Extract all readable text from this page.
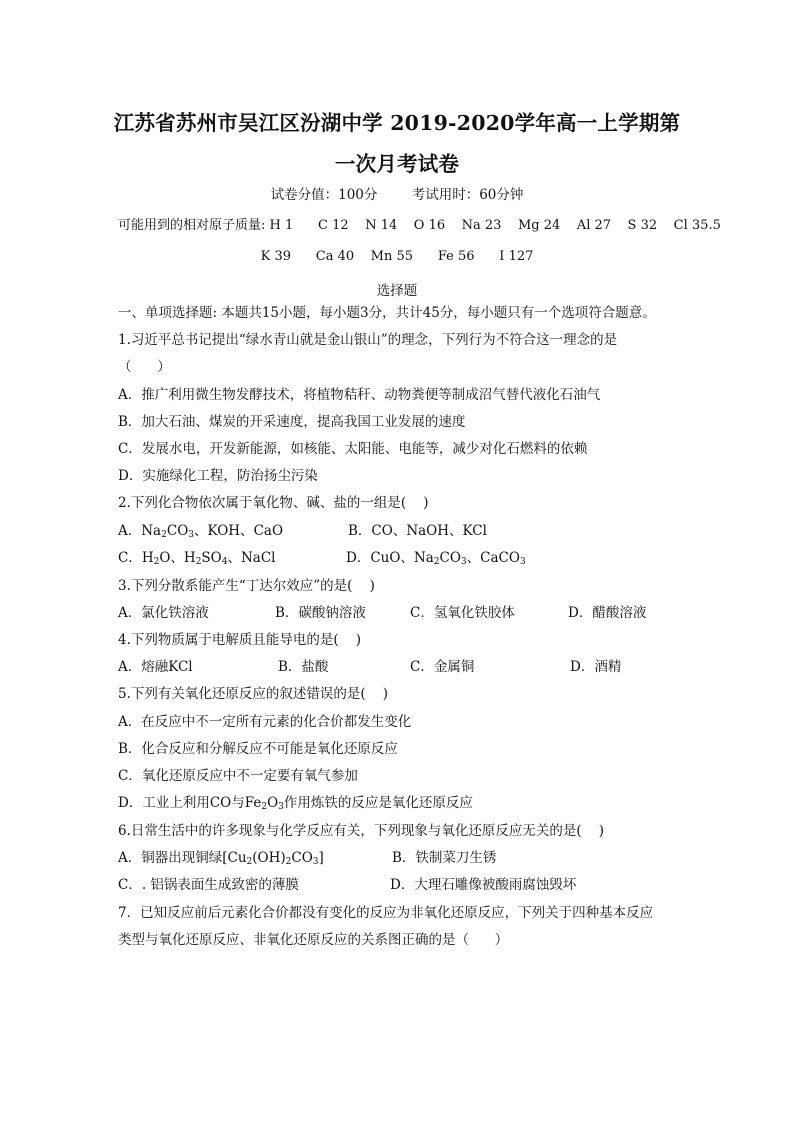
江苏省苏州市吴江区汾湖中学 2019-2020学年高一上学期第
一次月考试卷
试卷分值：100分        考试用时：60分钟
可能用到的相对原子质量: H 1      C 12    N 14    O 16    Na 23    Mg 24    Al 27    S 32    Cl 35.5
K 39      Ca 40    Mn 55      Fe 56      I 127
选择题
一、单项选择题: 本题共15小题，每小题3分，共计45分，每小题只有一个选项符合题意。
1.习近平总书记提出“绿水青山就是金山银山”的理念，下列行为不符合这一理念的是
（      ）
A．推广利用微生物发酵技术，将植物秸秆、动物粪便等制成沼气替代液化石油气
B．加大石油、煤炭的开采速度，提高我国工业发展的速度
C．发展水电，开发新能源，如核能、太阳能、电能等，减少对化石燃料的依赖
D．实施绿化工程，防治扬尘污染
2.下列化合物依次属于氧化物、碱、盐的一组是(    )
A．$Na_2CO_3$、KOH、CaO	B．CO、NaOH、KCl
C．$H_2O$、$H_2SO_4$、NaCl	D．CuO、$Na_2CO_3$、CaCO$_3$
3.下列分散系能产生“丁达尔效应”的是(    )
A．氯化铁溶液	B．碳酸钠溶液	C．氢氧化铁胶体	D．醋酸溶液
4.下列物质属于电解质且能导电的是(    )
A．熔融KCl	B．盐酸	C．金属铜	D．酒精
5.下列有关氧化还原反应的叙述错误的是(    )
A．在反应中不一定所有元素的化合价都发生变化
B．化合反应和分解反应不可能是氧化还原反应
C．氧化还原反应中不一定要有氧气参加
D．工业上利用CO与$Fe_2O_3$作用炼铁的反应是氧化还原反应
6.日常生活中的许多现象与化学反应有关，下列现象与氧化还原反应无关的是(    )
A．铜器出现铜绿$[Cu_2(OH)_2CO_3]$	B．铁制菜刀生锈
C．. 铝锅表面生成致密的薄膜	D．大理石雕像被酸雨腐蚀毁坏
7．已知反应前后元素化合价都没有变化的反应为非氧化还原反应，下列关于四种基本反应
类型与氧化还原反应、非氧化还原反应的关系图正确的是（      ）
